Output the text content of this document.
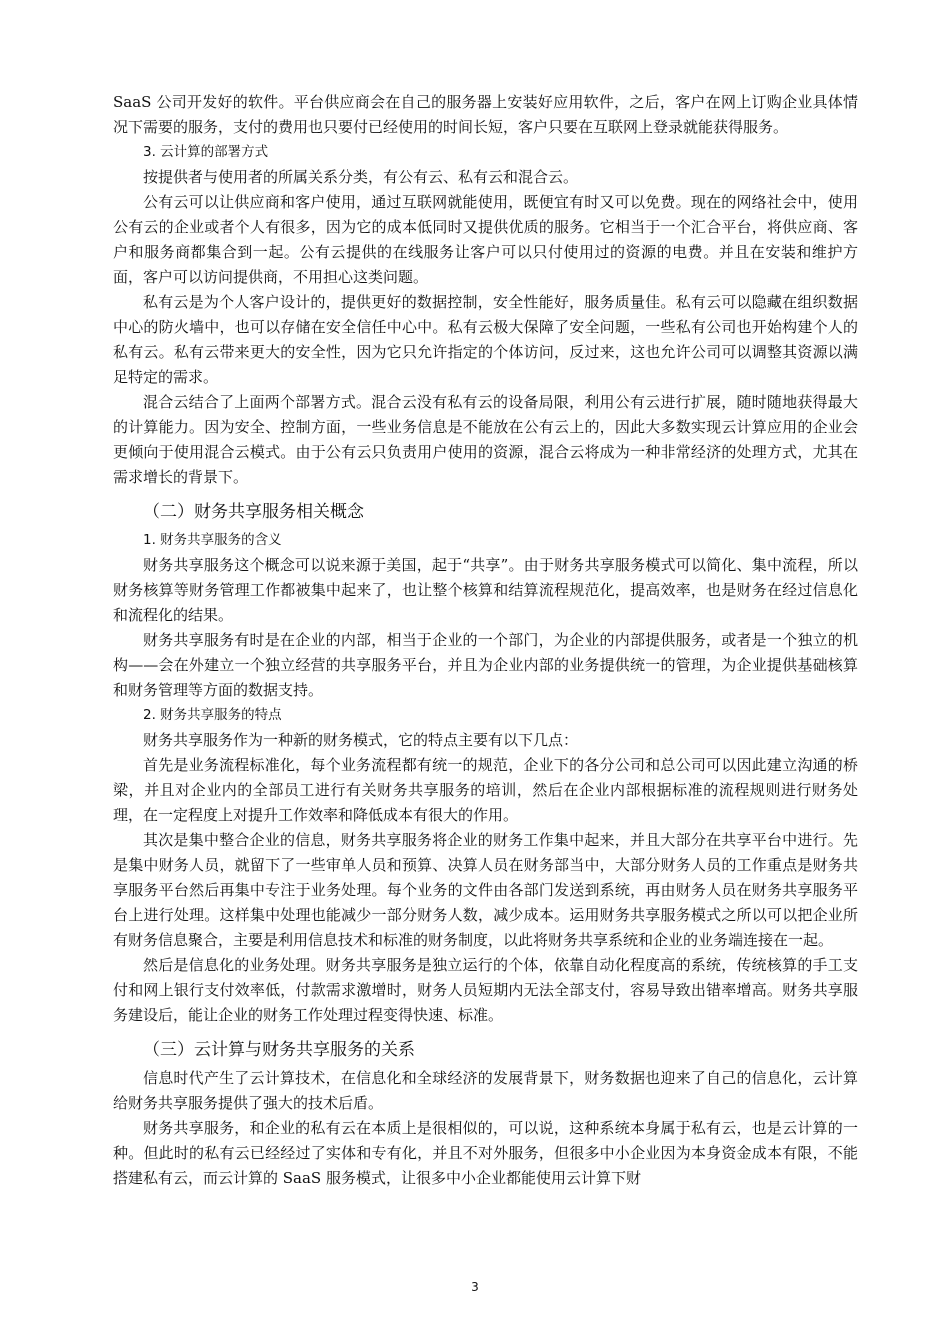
SaaS 公司开发好的软件。平台供应商会在自己的服务器上安装好应用软件，之后，客户在网上订购企业具体情况下需要的服务，支付的费用也只要付已经使用的时间长短，客户只要在互联网上登录就能获得服务。

3. 云计算的部署方式

按提供者与使用者的所属关系分类，有公有云、私有云和混合云。

公有云可以让供应商和客户使用，通过互联网就能使用，既便宜有时又可以免费。现在的网络社会中，使用公有云的企业或者个人有很多，因为它的成本低同时又提供优质的服务。它相当于一个汇合平台，将供应商、客户和服务商都集合到一起。公有云提供的在线服务让客户可以只付使用过的资源的电费。并且在安装和维护方面，客户可以访问提供商，不用担心这类问题。

私有云是为个人客户设计的，提供更好的数据控制，安全性能好，服务质量佳。私有云可以隐藏在组织数据中心的防火墙中，也可以存储在安全信任中心中。私有云极大保障了安全问题，一些私有公司也开始构建个人的私有云。私有云带来更大的安全性，因为它只允许指定的个体访问，反过来，这也允许公司可以调整其资源以满足特定的需求。

混合云结合了上面两个部署方式。混合云没有私有云的设备局限，利用公有云进行扩展，随时随地获得最大的计算能力。因为安全、控制方面，一些业务信息是不能放在公有云上的，因此大多数实现云计算应用的企业会更倾向于使用混合云模式。由于公有云只负责用户使用的资源，混合云将成为一种非常经济的处理方式，尤其在需求增长的背景下。

（二）财务共享服务相关概念
1. 财务共享服务的含义

财务共享服务这个概念可以说来源于美国，起于“共享”。由于财务共享服务模式可以简化、集中流程，所以财务核算等财务管理工作都被集中起来了，也让整个核算和结算流程规范化，提高效率，也是财务在经过信息化和流程化的结果。

财务共享服务有时是在企业的内部，相当于企业的一个部门，为企业的内部提供服务，或者是一个独立的机构——会在外建立一个独立经营的共享服务平台，并且为企业内部的业务提供统一的管理，为企业提供基础核算和财务管理等方面的数据支持。

2. 财务共享服务的特点

财务共享服务作为一种新的财务模式，它的特点主要有以下几点：

首先是业务流程标准化，每个业务流程都有统一的规范，企业下的各分公司和总公司可以因此建立沟通的桥梁，并且对企业内的全部员工进行有关财务共享服务的培训，然后在企业内部根据标准的流程规则进行财务处理，在一定程度上对提升工作效率和降低成本有很大的作用。

其次是集中整合企业的信息，财务共享服务将企业的财务工作集中起来，并且大部分在共享平台中进行。先是集中财务人员，就留下了一些审单人员和预算、决算人员在财务部当中，大部分财务人员的工作重点是财务共享服务平台然后再集中专注于业务处理。每个业务的文件由各部门发送到系统，再由财务人员在财务共享服务平台上进行处理。这样集中处理也能减少一部分财务人数，减少成本。运用财务共享服务模式之所以可以把企业所有财务信息聚合，主要是利用信息技术和标准的财务制度，以此将财务共享系统和企业的业务端连接在一起。

然后是信息化的业务处理。财务共享服务是独立运行的个体，依靠自动化程度高的系统，传统核算的手工支付和网上银行支付效率低，付款需求激增时，财务人员短期内无法全部支付，容易导致出错率增高。财务共享服务建设后，能让企业的财务工作处理过程变得快速、标准。

（三）云计算与财务共享服务的关系

信息时代产生了云计算技术，在信息化和全球经济的发展背景下，财务数据也迎来了自己的信息化，云计算给财务共享服务提供了强大的技术后盾。

财务共享服务，和企业的私有云在本质上是很相似的，可以说，这种系统本身属于私有云，也是云计算的一种。但此时的私有云已经经过了实体和专有化，并且不对外服务，但很多中小企业因为本身资金成本有限，不能搭建私有云，而云计算的 SaaS 服务模式，让很多中小企业都能使用云计算下财

3
